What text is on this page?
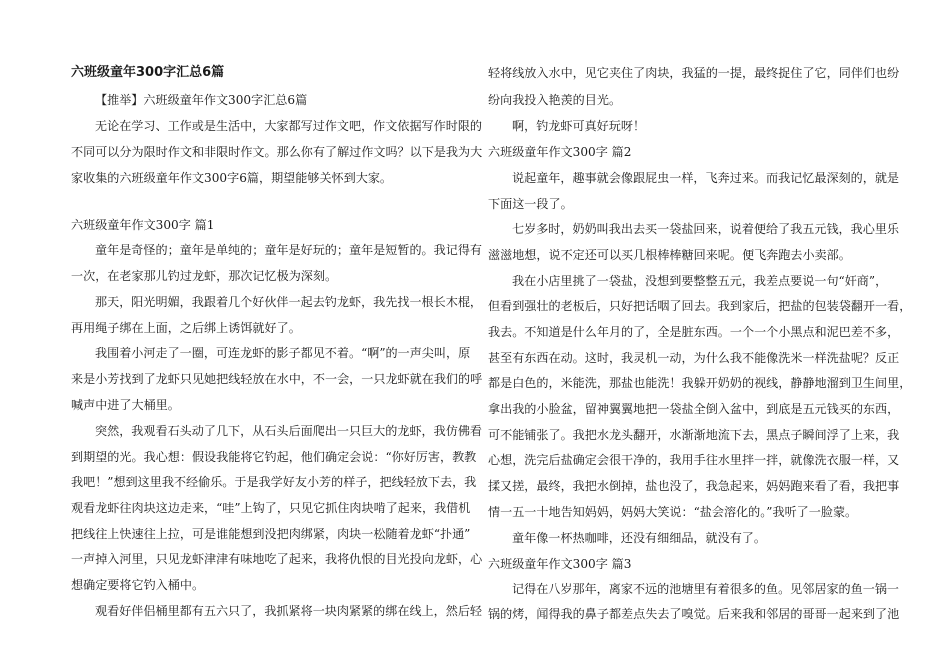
六班级童年300字汇总6篇
【推举】六班级童年作文300字汇总6篇
无论在学习、工作或是生活中，大家都写过作文吧，作文依据写作时限的
不同可以分为限时作文和非限时作文。那么你有了解过作文吗？以下是我为大
家收集的六班级童年作文300字6篇，期望能够关怀到大家。
六班级童年作文300字 篇1
童年是奇怪的；童年是单纯的；童年是好玩的；童年是短暂的。我记得有
一次，在老家那儿钓过龙虾，那次记忆极为深刻。
那天，阳光明媚，我跟着几个好伙伴一起去钓龙虾，我先找一根长木棍，
再用绳子绑在上面，之后绑上诱饵就好了。
我围着小河走了一圈，可连龙虾的影子都见不着。“啊”的一声尖叫，原
来是小芳找到了龙虾只见她把线轻放在水中，不一会，一只龙虾就在我们的呼
喊声中进了大桶里。
突然，我观看石头动了几下，从石头后面爬出一只巨大的龙虾，我仿佛看
到期望的光。我心想：假设我能将它钓起，他们确定会说：“你好厉害，教教
我吧！”想到这里我不经偷乐。于是我学好友小芳的样子，把线轻放下去，我
观看龙虾往肉块这边走来，“哇”上钩了，只见它抓住肉块啃了起来，我借机
把线往上快速往上拉，可是谁能想到没把肉绑紧，肉块一松随着龙虾“扑通”
一声掉入河里，只见龙虾津津有味地吃了起来，我将仇恨的目光投向龙虾，心
想确定要将它钓入桶中。
观看好伴侣桶里都有五六只了，我抓紧将一块肉紧紧的绑在线上，然后轻
轻将线放入水中，见它夹住了肉块，我猛的一提，最终捉住了它，同伴们也纷
纷向我投入艳羡的目光。
啊，钓龙虾可真好玩呀！
六班级童年作文300字 篇2
说起童年，趣事就会像跟屁虫一样，飞奔过来。而我记忆最深刻的，就是
下面这一段了。
七岁多时，奶奶叫我出去买一袋盐回来，说着便给了我五元钱，我心里乐
滋滋地想，说不定还可以买几根棒棒糖回来呢。便飞奔跑去小卖部。
我在小店里挑了一袋盐，没想到要整整五元，我差点要说一句“奸商”，
但看到强壮的老板后，只好把话咽了回去。我到家后，把盐的包装袋翻开一看，
我去。不知道是什么年月的了，全是脏东西。一个一个小黑点和泥巴差不多，
甚至有东西在动。这时，我灵机一动，为什么我不能像洗米一样洗盐呢？反正
都是白色的，米能洗，那盐也能洗！我躲开奶奶的视线，静静地溜到卫生间里，
拿出我的小脸盆，留神翼翼地把一袋盐全倒入盆中，到底是五元钱买的东西，
可不能铺张了。我把水龙头翻开，水渐渐地流下去，黑点子瞬间浮了上来，我
心想，洗完后盐确定会很干净的，我用手往水里拌一拌，就像洗衣服一样，又
揉又搓，最终，我把水倒掉，盐也没了，我急起来，妈妈跑来看了看，我把事
情一五一十地告知妈妈，妈妈大笑说：“盐会溶化的。”我听了一脸蒙。
童年像一杯热咖啡，还没有细细品，就没有了。
六班级童年作文300字 篇3
记得在八岁那年，离家不远的池塘里有着很多的鱼。见邻居家的鱼一锅一
锅的烤，闻得我的鼻子都差点失去了嗅觉。后来我和邻居的哥哥一起来到了池
